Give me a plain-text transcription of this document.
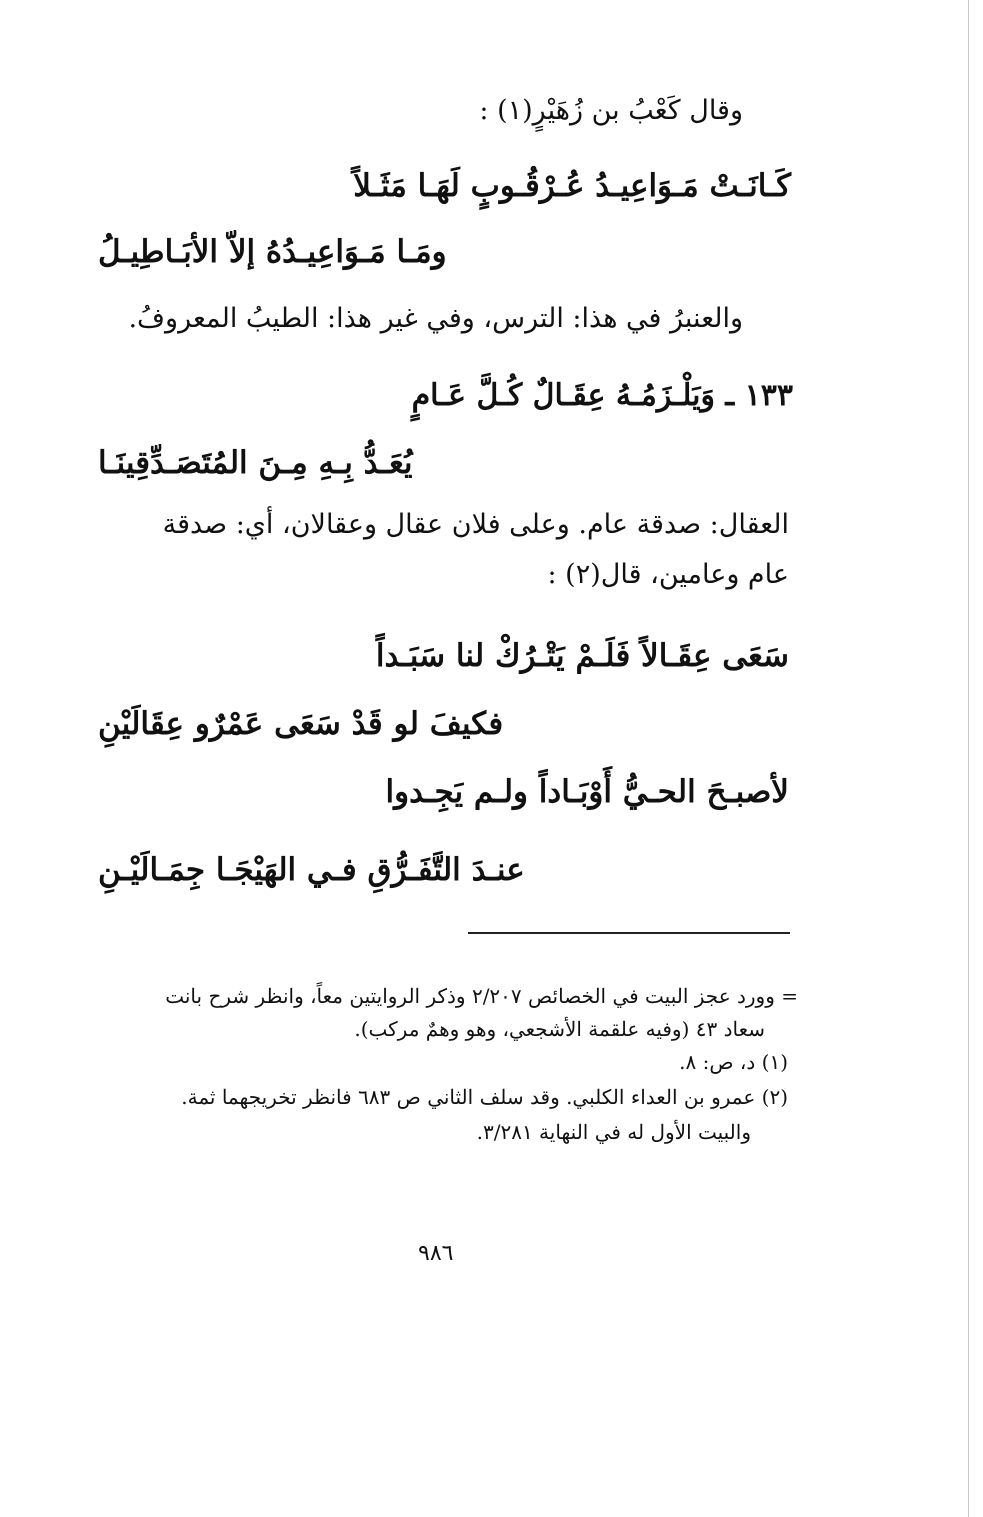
وقال كَعْبُ بن زُهَيْرٍ(١) :
كَـانَـتْ مَـوَاعِيـدُ عُـرْقُـوبٍ لَهَـا مَثَـلاً
ومَـا مَـوَاعِيـدُهُ إلاّ الأبَـاطِيـلُ
والعنبرُ في هذا: الترس، وفي غير هذا: الطيبُ المعروفُ.
١٣٣ ـ وَيَلْـزَمُـهُ عِقَـالٌ كُـلَّ عَـامٍ
يُعَـدُّ بِـهِ مِـنَ المُتَصَـدِّقِينَـا
العقال: صدقة عام. وعلى فلان عقال وعقالان، أي: صدقة
عام وعامين، قال(٢) :
سَعَى عِقَـالاً فَلَـمْ يَتْـرُكْ لنا سَبَـداً
فكيفَ لو قَدْ سَعَى عَمْرٌو عِقَالَيْنِ
لأصبـحَ الحـيُّ أَوْبَـاداً ولـم يَجِـدوا
عنـدَ التَّفَـرُّقِ فـي الهَيْجَـا جِمَـالَيْـنِ
= وورد عجز البيت في الخصائص ٢/٢٠٧ وذكر الروايتين معاً، وانظر شرح بانت
سعاد ٤٣ (وفيه علقمة الأشجعي، وهو وهمٌ مركب).
(١) د، ص: ٨.
(٢) عمرو بن العداء الكلبي. وقد سلف الثاني ص ٦٨٣ فانظر تخريجهما ثمة.
والبيت الأول له في النهاية ٣/٢٨١.
٩٨٦
